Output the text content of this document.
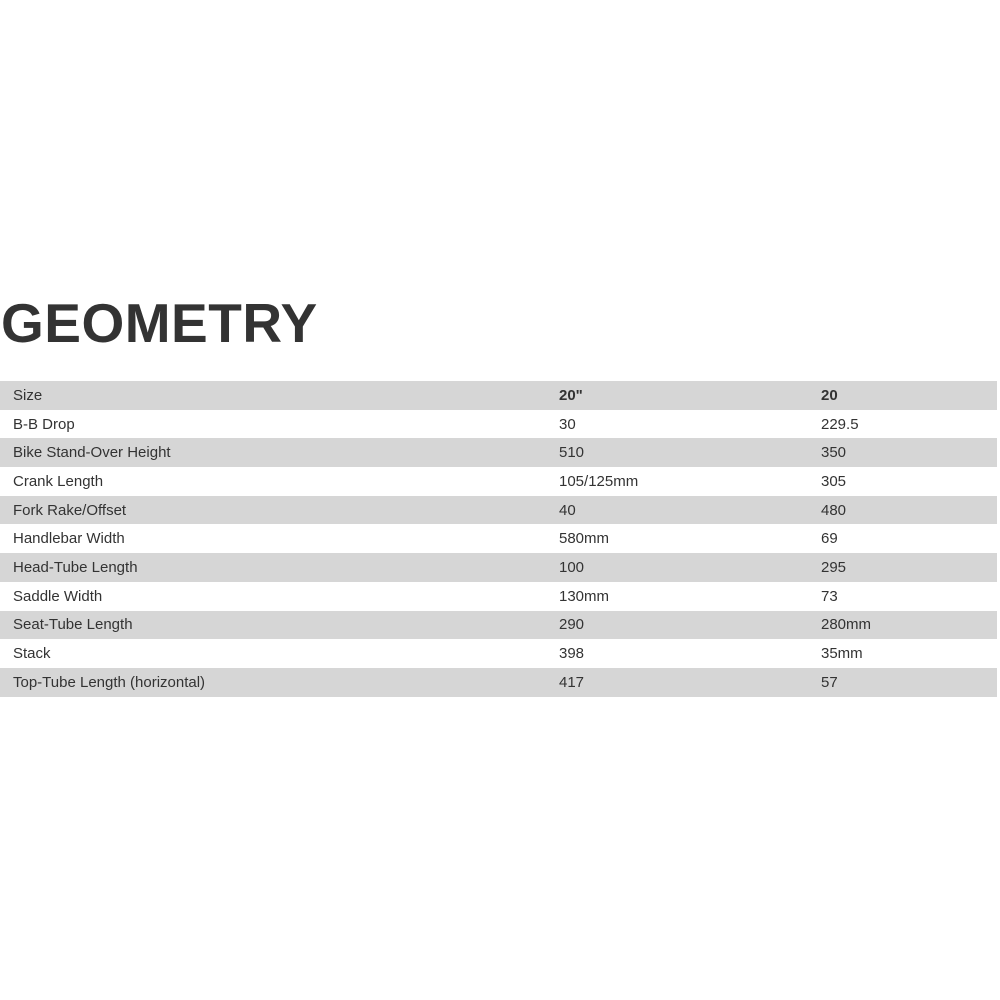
GEOMETRY
Size	20"	20
B-B Drop	30	229.5
Bike Stand-Over Height	510	350
Crank Length	105/125mm	305
Fork Rake/Offset	40	480
Handlebar Width	580mm	69
Head-Tube Length	100	295
Saddle Width	130mm	73
Seat-Tube Length	290	280mm
Stack	398	35mm
Top-Tube Length (horizontal)	417	57
